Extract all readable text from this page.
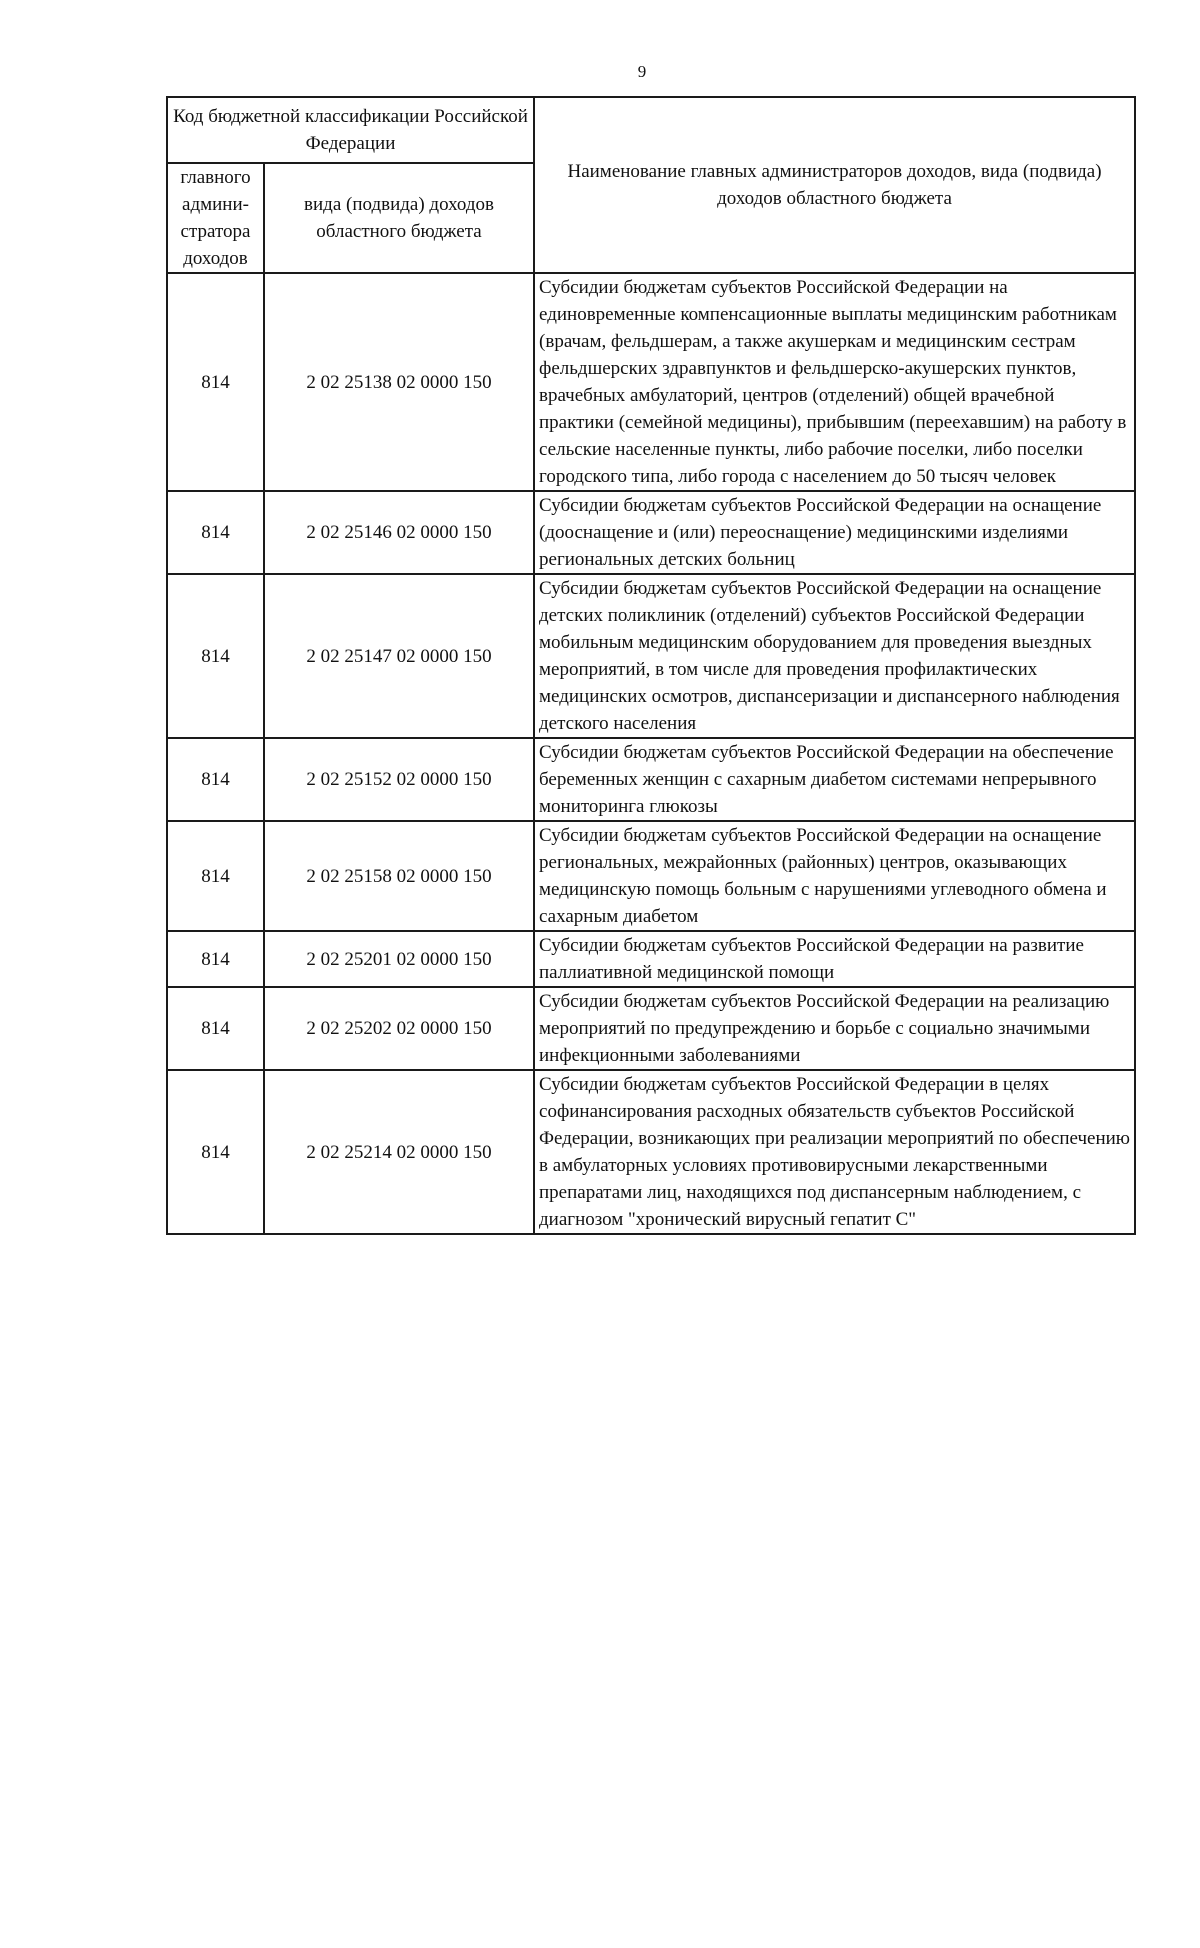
9
Код бюджетной классификации Российской Федерации		Наименование главных администраторов доходов, вида (подвида) доходов областного бюджета
главного админи-стратора доходов	вида (подвида) доходов областного бюджета	
814	2 02 25138 02 0000 150	Субсидии бюджетам субъектов Российской Федерации на единовременные компенсационные выплаты медицинским работникам (врачам, фельдшерам, а также акушеркам и медицинским сестрам фельдшерских здравпунктов и фельдшерско-акушерских пунктов, врачебных амбулаторий, центров (отделений) общей врачебной практики (семейной медицины), прибывшим (переехавшим) на работу в сельские населенные пункты, либо рабочие поселки, либо поселки городского типа, либо города с населением до 50 тысяч человек
814	2 02 25146 02 0000 150	Субсидии бюджетам субъектов Российской Федерации на оснащение (дооснащение и (или) переоснащение) медицинскими изделиями региональных детских больниц
814	2 02 25147 02 0000 150	Субсидии бюджетам субъектов Российской Федерации на оснащение детских поликлиник (отделений) субъектов Российской Федерации мобильным медицинским оборудованием для проведения выездных мероприятий, в том числе для проведения профилактических медицинских осмотров, диспансеризации и диспансерного наблюдения детского населения
814	2 02 25152 02 0000 150	Субсидии бюджетам субъектов Российской Федерации на обеспечение беременных женщин с сахарным диабетом системами непрерывного мониторинга глюкозы
814	2 02 25158 02 0000 150	Субсидии бюджетам субъектов Российской Федерации на оснащение региональных, межрайонных (районных) центров, оказывающих медицинскую помощь больным с нарушениями углеводного обмена и сахарным диабетом
814	2 02 25201 02 0000 150	Субсидии бюджетам субъектов Российской Федерации на развитие паллиативной медицинской помощи
814	2 02 25202 02 0000 150	Субсидии бюджетам субъектов Российской Федерации на реализацию мероприятий по предупреждению и борьбе с социально значимыми инфекционными заболеваниями
814	2 02 25214 02 0000 150	Субсидии бюджетам субъектов Российской Федерации в целях софинансирования расходных обязательств субъектов Российской Федерации, возникающих при реализации мероприятий по обеспечению в амбулаторных условиях противовирусными лекарственными препаратами лиц, находящихся под диспансерным наблюдением, с диагнозом "хронический вирусный гепатит С"
